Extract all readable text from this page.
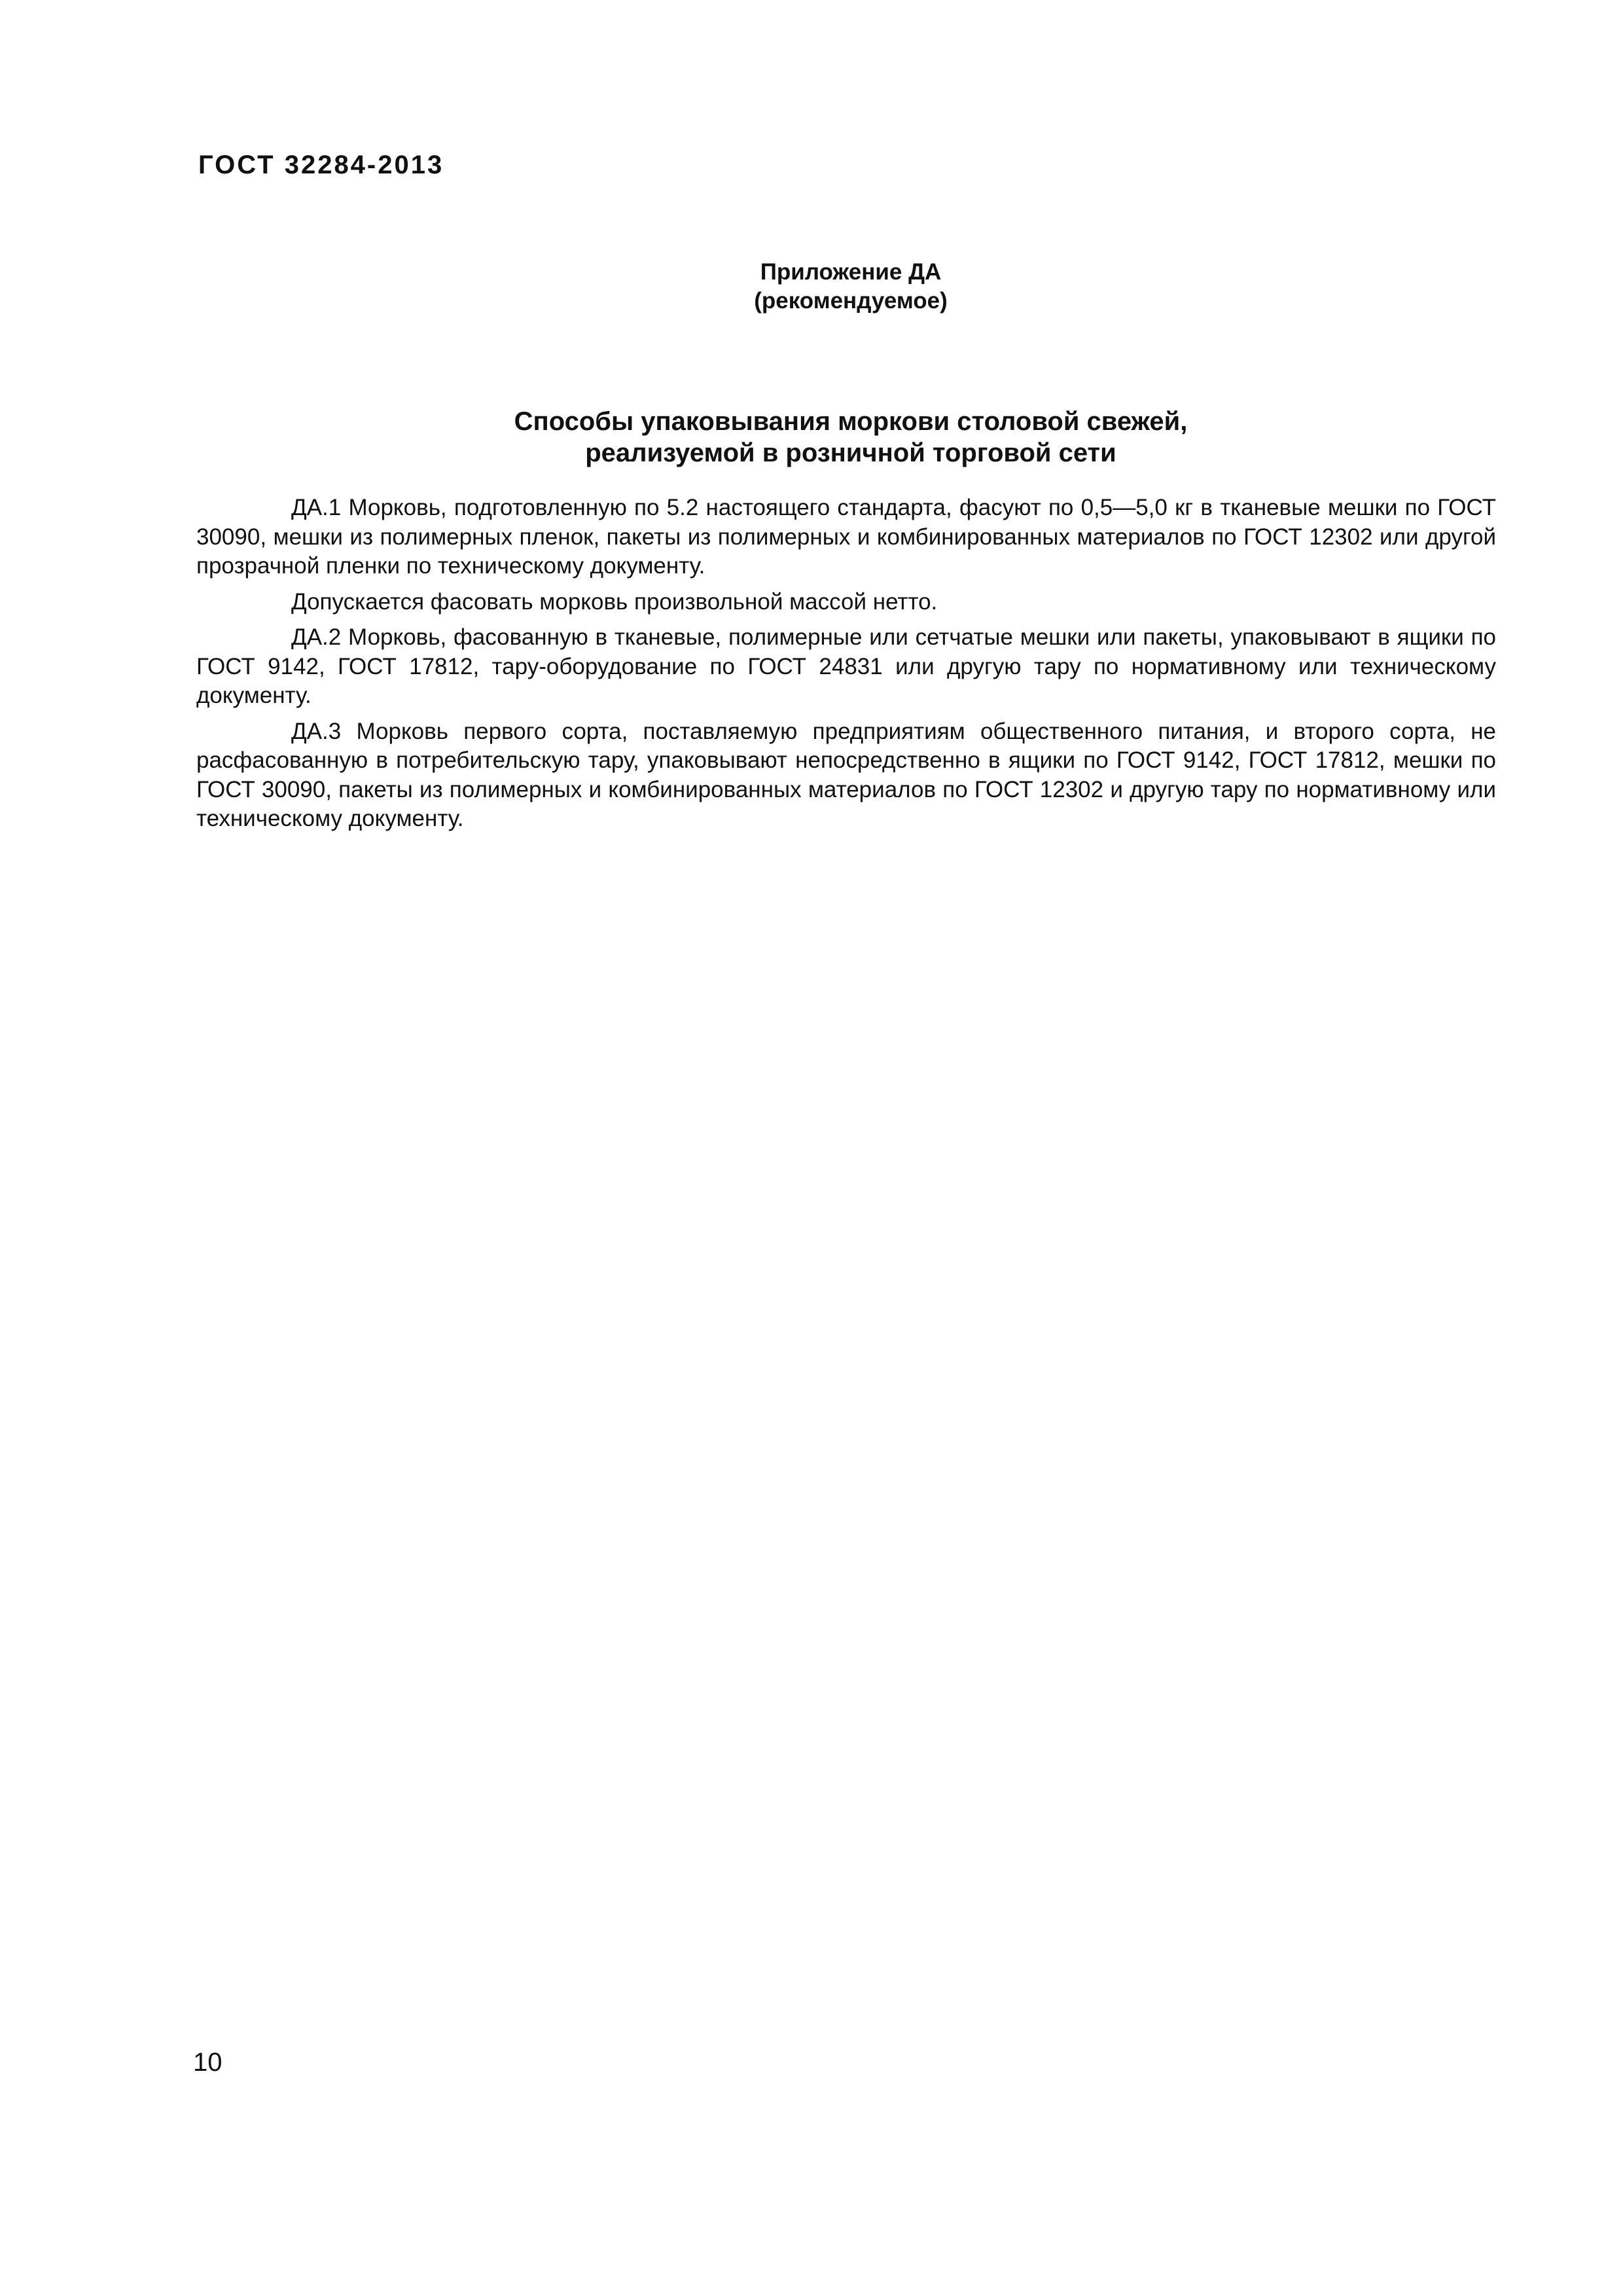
ГОСТ 32284-2013
Приложение ДА
(рекомендуемое)
Способы упаковывания моркови столовой свежей,
реализуемой в розничной торговой сети

ДА.1 Морковь, подготовленную по 5.2 настоящего стандарта, фасуют по 0,5—5,0 кг в тканевые мешки по ГОСТ 30090, мешки из полимерных пленок, пакеты из полимерных и комбинированных материалов по ГОСТ 12302 или другой прозрачной пленки по техническому документу.

Допускается фасовать морковь произвольной массой нетто.

ДА.2 Морковь, фасованную в тканевые, полимерные или сетчатые мешки или пакеты, упаковывают в ящики по ГОСТ 9142, ГОСТ 17812, тару-оборудование по ГОСТ 24831 или другую тару по нормативному или техническому документу.

ДА.3 Морковь первого сорта, поставляемую предприятиям общественного питания, и второго сорта, не расфасованную в потребительскую тару, упаковывают непосредственно в ящики по ГОСТ 9142, ГОСТ 17812, мешки по ГОСТ 30090, пакеты из полимерных и комбинированных материалов по ГОСТ 12302 и другую тару по нормативному или техническому документу.

10
